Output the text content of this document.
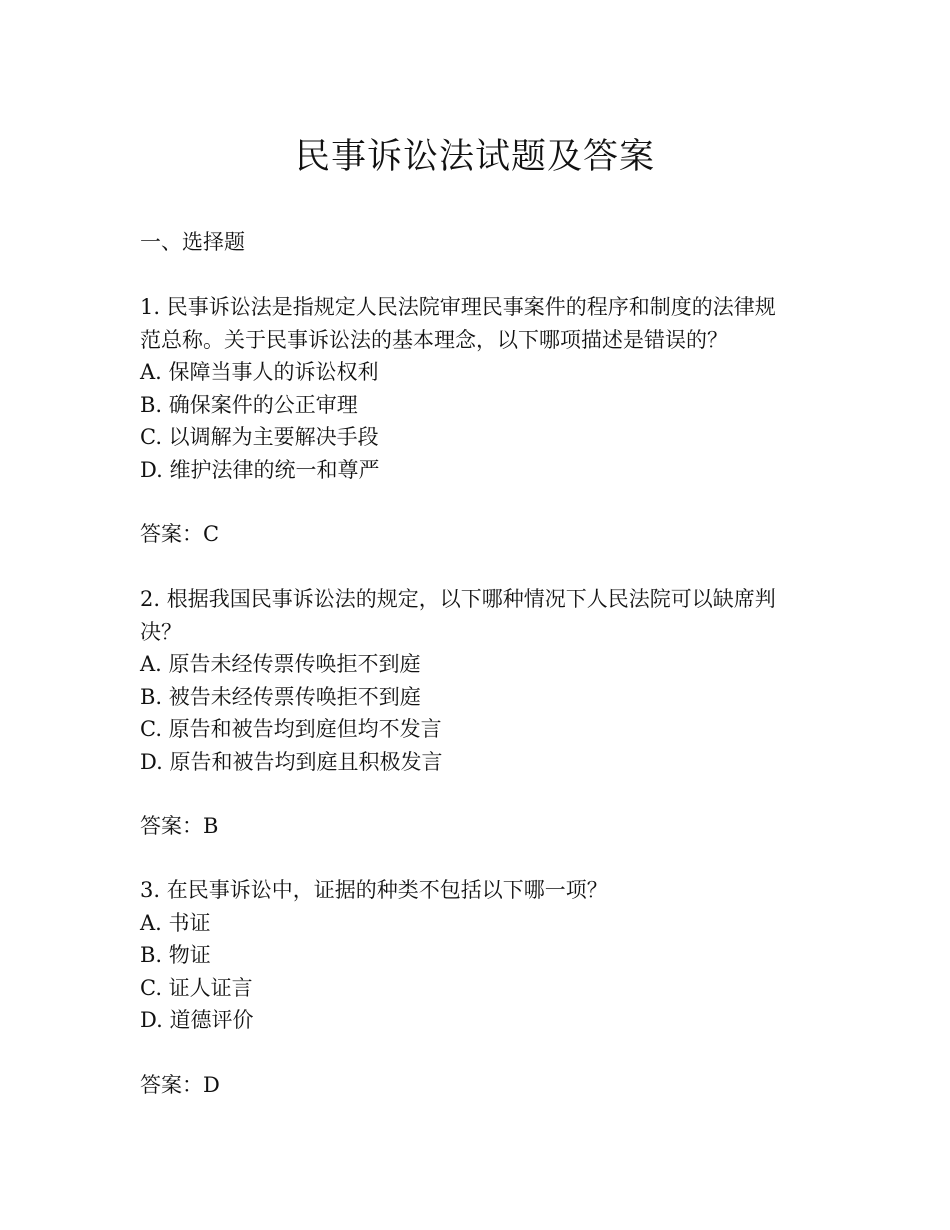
民事诉讼法试题及答案
一、选择题
1. 民事诉讼法是指规定人民法院审理民事案件的程序和制度的法律规
范总称。关于民事诉讼法的基本理念，以下哪项描述是错误的？
A. 保障当事人的诉讼权利
B. 确保案件的公正审理
C. 以调解为主要解决手段
D. 维护法律的统一和尊严
答案：C
2. 根据我国民事诉讼法的规定，以下哪种情况下人民法院可以缺席判
决？
A. 原告未经传票传唤拒不到庭
B. 被告未经传票传唤拒不到庭
C. 原告和被告均到庭但均不发言
D. 原告和被告均到庭且积极发言
答案：B
3. 在民事诉讼中，证据的种类不包括以下哪一项？
A. 书证
B. 物证
C. 证人证言
D. 道德评价
答案：D
